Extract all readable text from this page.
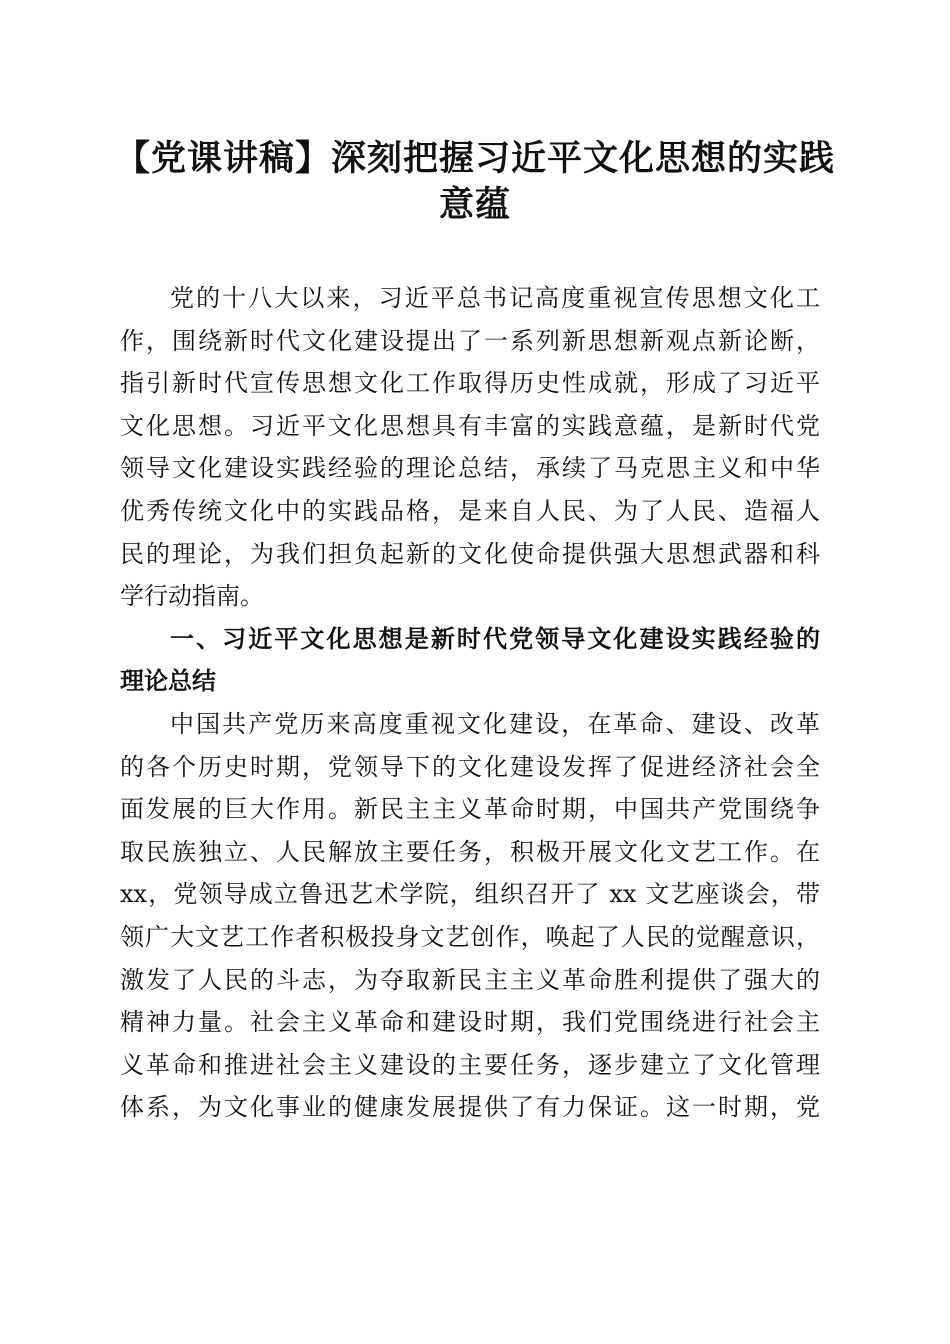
【党课讲稿】深刻把握习近平文化思想的实践
意蕴
党的十八大以来，习近平总书记高度重视宣传思想文化工
作，围绕新时代文化建设提出了一系列新思想新观点新论断，
指引新时代宣传思想文化工作取得历史性成就，形成了习近平
文化思想。习近平文化思想具有丰富的实践意蕴，是新时代党
领导文化建设实践经验的理论总结，承续了马克思主义和中华
优秀传统文化中的实践品格，是来自人民、为了人民、造福人
民的理论，为我们担负起新的文化使命提供强大思想武器和科
学行动指南。
一、习近平文化思想是新时代党领导文化建设实践经验的
理论总结
中国共产党历来高度重视文化建设，在革命、建设、改革
的各个历史时期，党领导下的文化建设发挥了促进经济社会全
面发展的巨大作用。新民主主义革命时期，中国共产党围绕争
取民族独立、人民解放主要任务，积极开展文化文艺工作。在
xx，党领导成立鲁迅艺术学院，组织召开了 xx 文艺座谈会，带
领广大文艺工作者积极投身文艺创作，唤起了人民的觉醒意识，
激发了人民的斗志，为夺取新民主主义革命胜利提供了强大的
精神力量。社会主义革命和建设时期，我们党围绕进行社会主
义革命和推进社会主义建设的主要任务，逐步建立了文化管理
体系，为文化事业的健康发展提供了有力保证。这一时期，党
